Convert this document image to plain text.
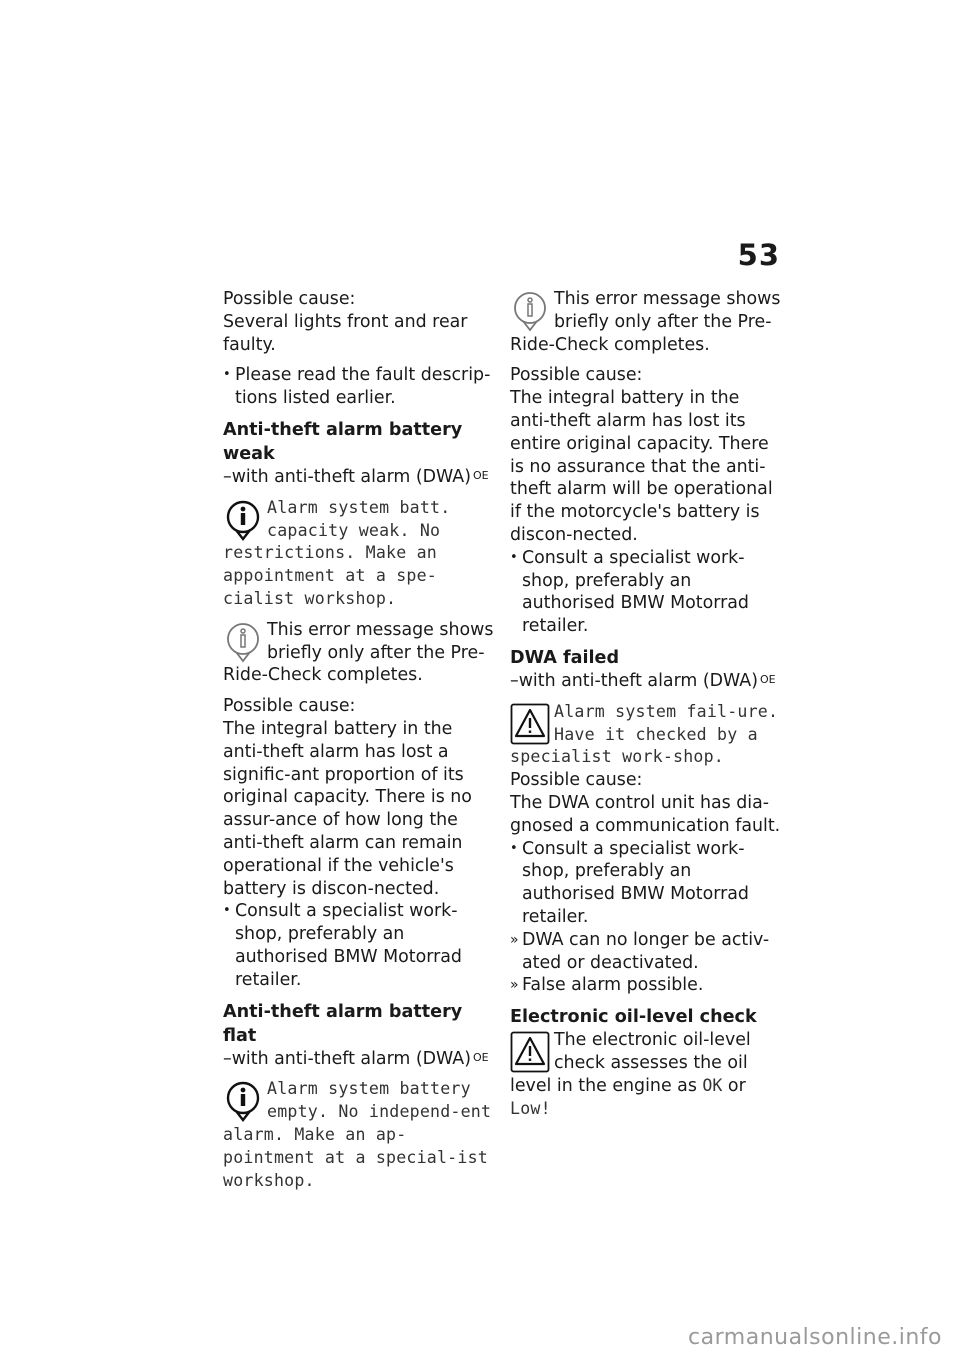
53

Possible cause:

Several lights front and rear faulty.

• Please read the fault descrip-tions listed earlier.
Anti-theft alarm battery weak
–with anti-theft alarm (DWA) $^{OE}$
Alarm system batt. capacity weak. No restrictions. Make an appointment at a spe-cialist workshop.

This error message shows briefly only after the Pre-Ride-Check completes.

Possible cause:

The integral battery in the anti-theft alarm has lost a signific-ant proportion of its original capacity. There is no assur-ance of how long the anti-theft alarm can remain operational if the vehicle's battery is discon-nected.

• Consult a specialist work-shop, preferably an authorised BMW Motorrad retailer.
Anti-theft alarm battery flat
–with anti-theft alarm (DWA) $^{OE}$
Alarm system battery empty. No independ-ent alarm. Make an ap-pointment at a special-ist workshop.

This error message shows briefly only after the Pre-Ride-Check completes.

Possible cause:

The integral battery in the anti-theft alarm has lost its entire original capacity. There is no assurance that the anti-theft alarm will be operational if the motorcycle's battery is discon-nected.

• Consult a specialist work-shop, preferably an authorised BMW Motorrad retailer.
DWA failed
–with anti-theft alarm (DWA) $^{OE}$
Alarm system fail-ure. Have it checked by a specialist work-shop.

Possible cause:

The DWA control unit has dia-gnosed a communication fault.

• Consult a specialist work-shop, preferably an authorised BMW Motorrad retailer.
» DWA can no longer be activ-ated or deactivated.
» False alarm possible.
Electronic oil-level check

The electronic oil-level check assesses the oil level in the engine as OK or

Low!
carmanualsonline.info
